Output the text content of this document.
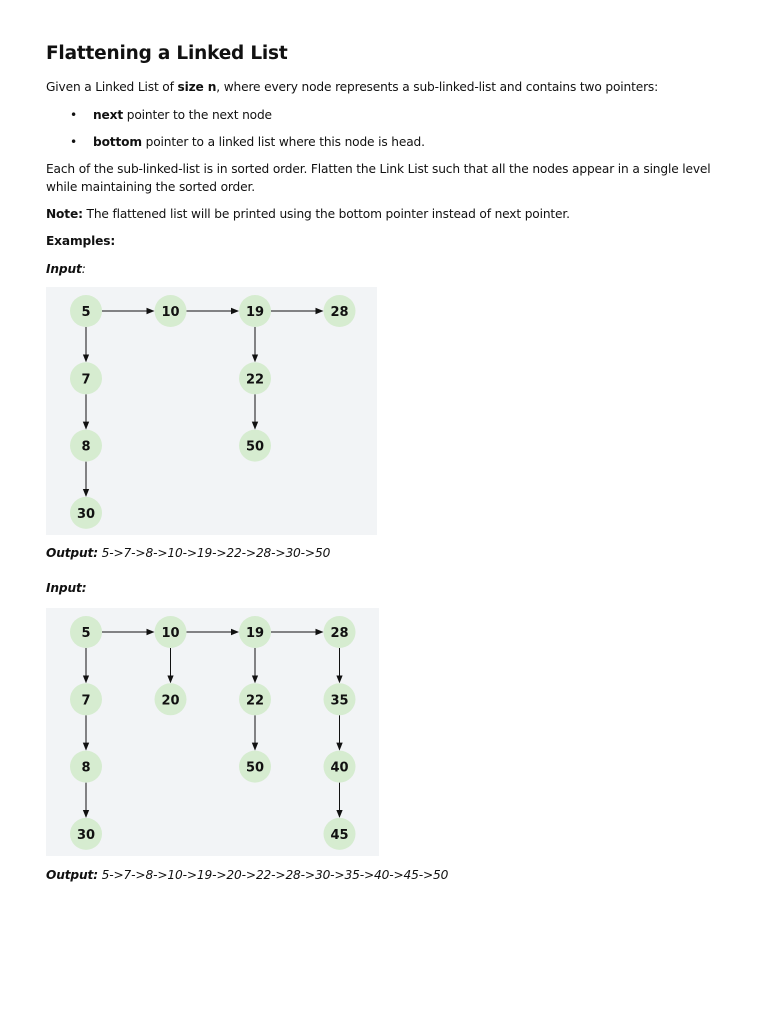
Flattening a Linked List

Given a Linked List of size n, where every node represents a sub-linked-list and contains two pointers:

• next pointer to the next node
• bottom pointer to a linked list where this node is head.

Each of the sub-linked-list is in sorted order. Flatten the Link List such that all the nodes appear in a single level while maintaining the sorted order.

Note: The flattened list will be printed using the bottom pointer instead of next pointer.

Examples:

Input:

5
7
8
30
10	19
22
50
28

Output: 5->7->8->10->19->22->28->30->50

Input:

5
7
8
30
10
20
19
22
50
28
35
40
45

Output: 5->7->8->10->19->20->22->28->30->35->40->45->50
